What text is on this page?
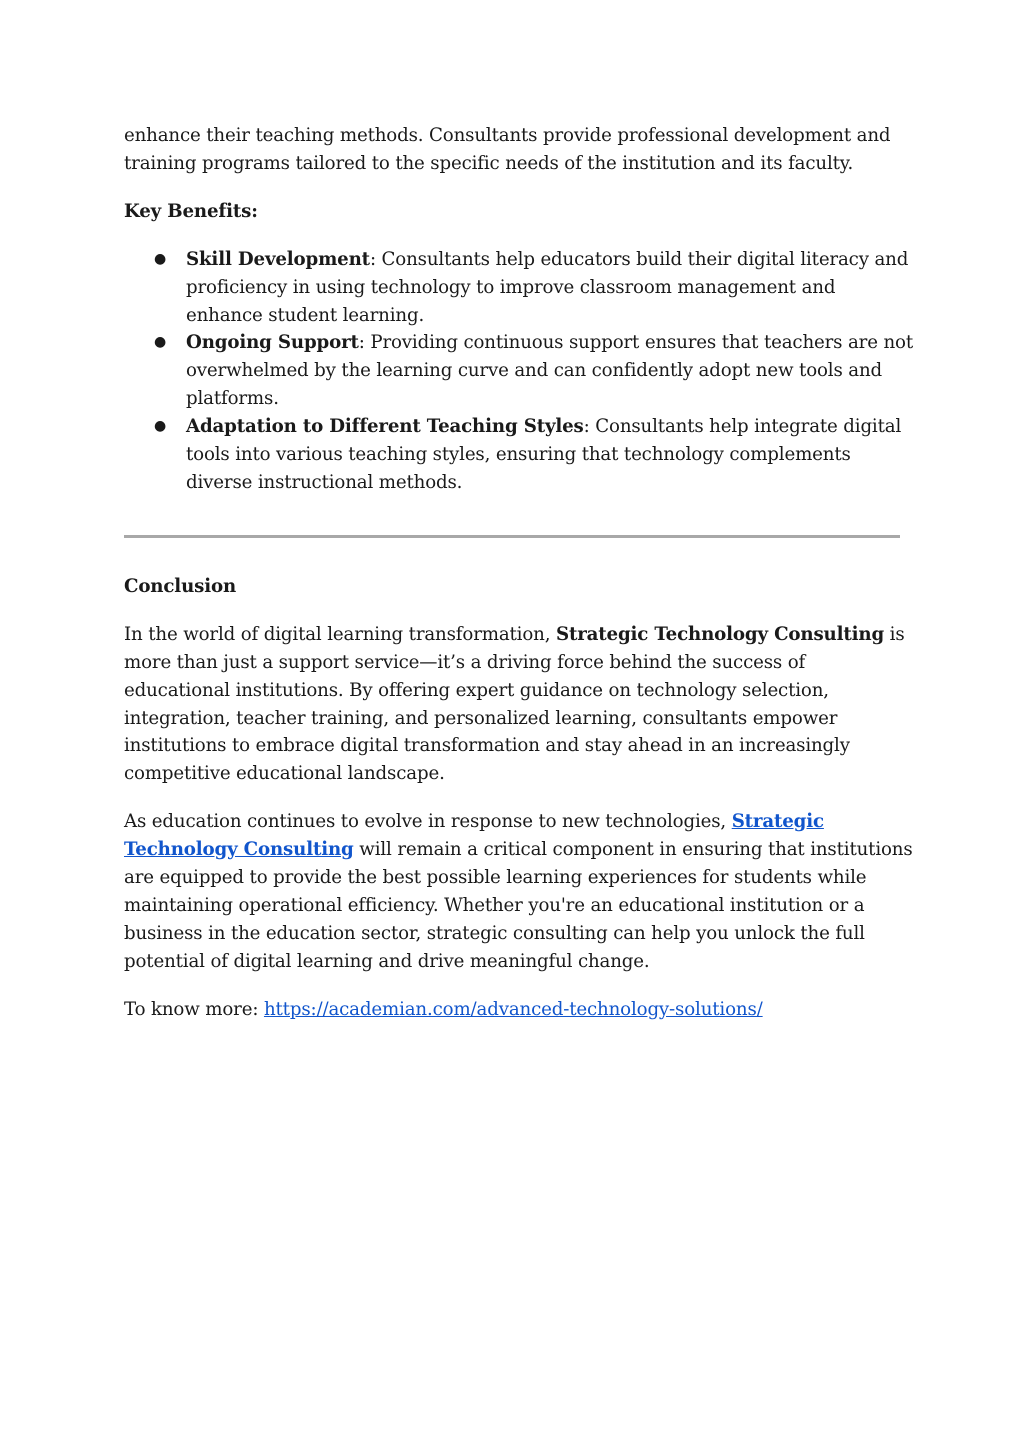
enhance their teaching methods. Consultants provide professional development and training programs tailored to the specific needs of the institution and its faculty.

Key Benefits:

● Skill Development: Consultants help educators build their digital literacy and proficiency in using technology to improve classroom management and enhance student learning.
● Ongoing Support: Providing continuous support ensures that teachers are not overwhelmed by the learning curve and can confidently adopt new tools and platforms.
● Adaptation to Different Teaching Styles: Consultants help integrate digital tools into various teaching styles, ensuring that technology complements diverse instructional methods.

Conclusion

In the world of digital learning transformation, Strategic Technology Consulting is more than just a support service—it’s a driving force behind the success of educational institutions. By offering expert guidance on technology selection, integration, teacher training, and personalized learning, consultants empower institutions to embrace digital transformation and stay ahead in an increasingly competitive educational landscape.

As education continues to evolve in response to new technologies, Strategic Technology Consulting will remain a critical component in ensuring that institutions are equipped to provide the best possible learning experiences for students while maintaining operational efficiency. Whether you're an educational institution or a business in the education sector, strategic consulting can help you unlock the full potential of digital learning and drive meaningful change.

To know more: https://academian.com/advanced-technology-solutions/
